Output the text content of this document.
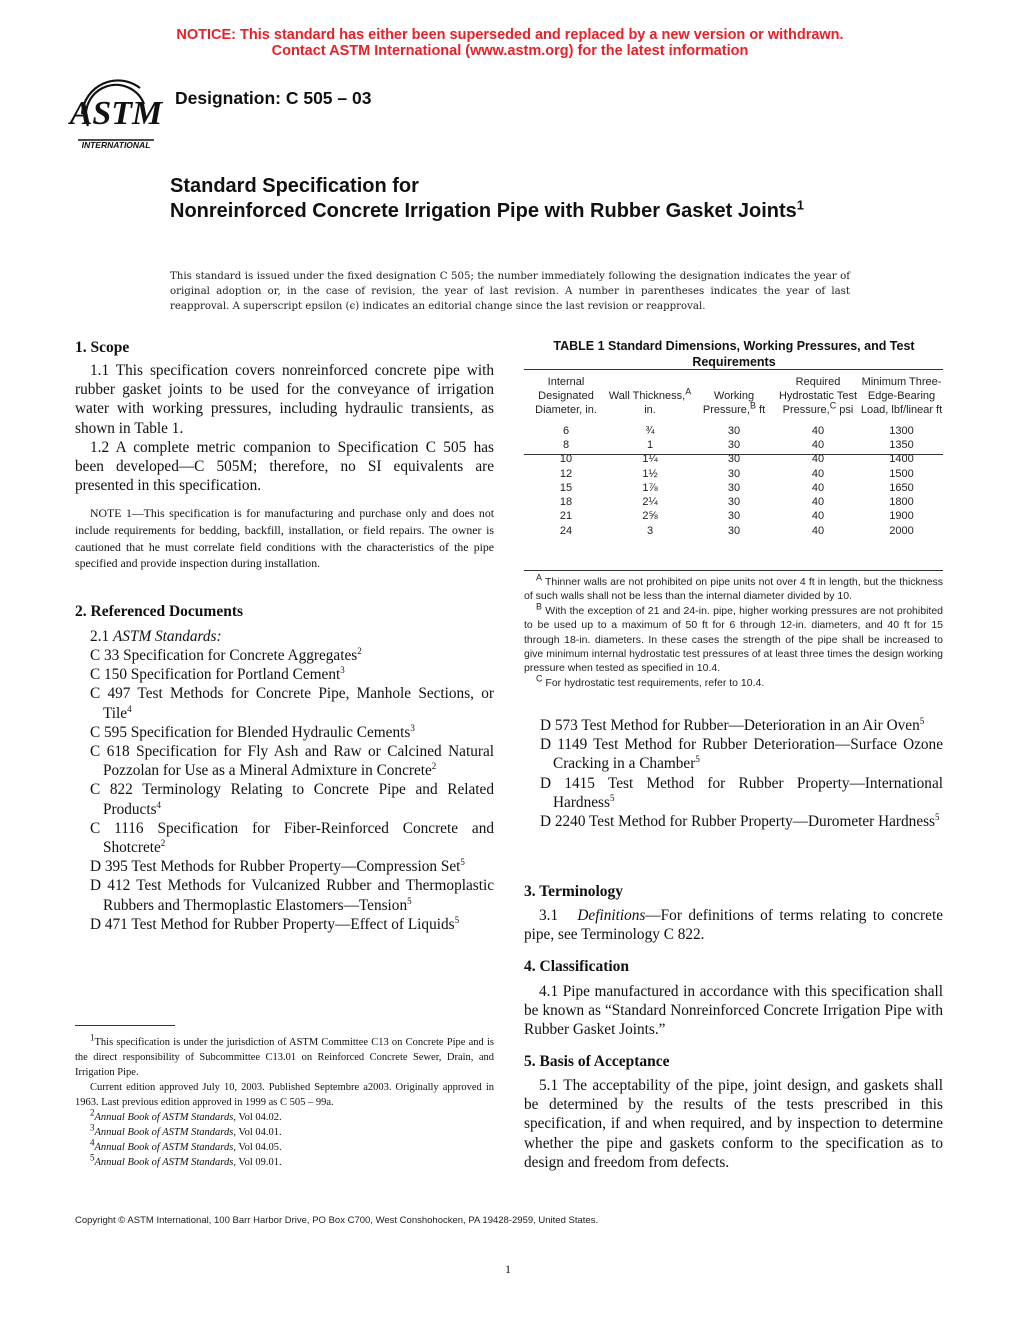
NOTICE: This standard has either been superseded and replaced by a new version or withdrawn.
Contact ASTM International (www.astm.org) for the latest information
ASTM
INTERNATIONAL
Designation: C 505 – 03
Standard Specification for
Nonreinforced Concrete Irrigation Pipe with Rubber Gasket Joints$^1$
This standard is issued under the fixed designation C 505; the number immediately following the designation indicates the year of original adoption or, in the case of revision, the year of last revision. A number in parentheses indicates the year of last reapproval. A superscript epsilon (ϵ) indicates an editorial change since the last revision or reapproval.
1. Scope
1.1 This specification covers nonreinforced concrete pipe with rubber gasket joints to be used for the conveyance of irrigation water with working pressures, including hydraulic transients, as shown in Table 1.
1.2 A complete metric companion to Specification C 505 has been developed—C 505M; therefore, no SI equivalents are presented in this specification.
NOTE 1—This specification is for manufacturing and purchase only and does not include requirements for bedding, backfill, installation, or field repairs. The owner is cautioned that he must correlate field conditions with the characteristics of the pipe specified and provide inspection during installation.
2. Referenced Documents
2.1 ASTM Standards:

C 33 Specification for Concrete Aggregates$^2$

C 150 Specification for Portland Cement$^3$

C 497 Test Methods for Concrete Pipe, Manhole Sections, or Tile$^4$

C 595 Specification for Blended Hydraulic Cements$^3$

C 618 Specification for Fly Ash and Raw or Calcined Natural Pozzolan for Use as a Mineral Admixture in Concrete$^2$

C 822 Terminology Relating to Concrete Pipe and Related Products$^4$

C 1116 Specification for Fiber-Reinforced Concrete and Shotcrete$^2$

D 395 Test Methods for Rubber Property—Compression Set$^5$

D 412 Test Methods for Vulcanized Rubber and Thermoplastic Rubbers and Thermoplastic Elastomers—Tension$^5$

D 471 Test Method for Rubber Property—Effect of Liquids$^5$

$^1$This specification is under the jurisdiction of ASTM Committee C13 on Concrete Pipe and is the direct responsibility of Subcommittee C13.01 on Reinforced Concrete Sewer, Drain, and Irrigation Pipe.
Current edition approved July 10, 2003. Published Septembre a2003. Originally approved in 1963. Last previous edition approved in 1999 as C 505 – 99a.
$^2$Annual Book of ASTM Standards, Vol 04.02.
$^3$Annual Book of ASTM Standards, Vol 04.01.
$^4$Annual Book of ASTM Standards, Vol 04.05.
$^5$Annual Book of ASTM Standards, Vol 09.01.
TABLE 1 Standard Dimensions, Working Pressures, and Test Requirements
Internal Designated Diameter, in.	Wall Thickness,$^A$ in.	Working Pressure,$^B$ ft	Required Hydrostatic Test Pressure,$^C$ psi	Minimum Three-Edge-Bearing Load, lbf/linear ft
6	¾	30	40	1300
8	1	30	40	1350
10	1¼	30	40	1400
12	1½	30	40	1500
15	1⅞	30	40	1650
18	2¼	30	40	1800
21	2⅝	30	40	1900
24	3	30	40	2000
$^A$ Thinner walls are not prohibited on pipe units not over 4 ft in length, but the thickness of such walls shall not be less than the internal diameter divided by 10.
$^B$ With the exception of 21 and 24-in. pipe, higher working pressures are not prohibited to be used up to a maximum of 50 ft for 6 through 12-in. diameters, and 40 ft for 15 through 18-in. diameters. In these cases the strength of the pipe shall be increased to give minimum internal hydrostatic test pressures of at least three times the design working pressure when tested as specified in 10.4.
$^C$ For hydrostatic test requirements, refer to 10.4.

D 573 Test Method for Rubber—Deterioration in an Air Oven$^5$

D 1149 Test Method for Rubber Deterioration—Surface Ozone Cracking in a Chamber$^5$

D 1415 Test Method for Rubber Property—International Hardness$^5$

D 2240 Test Method for Rubber Property—Durometer Hardness$^5$

3. Terminology
3.1 Definitions—For definitions of terms relating to concrete pipe, see Terminology C 822.
4. Classification
4.1 Pipe manufactured in accordance with this specification shall be known as “Standard Nonreinforced Concrete Irrigation Pipe with Rubber Gasket Joints.”
5. Basis of Acceptance
5.1 The acceptability of the pipe, joint design, and gaskets shall be determined by the results of the tests prescribed in this specification, if and when required, and by inspection to determine whether the pipe and gaskets conform to the specification as to design and freedom from defects.
Copyright © ASTM International, 100 Barr Harbor Drive, PO Box C700, West Conshohocken, PA 19428-2959, United States.
1
